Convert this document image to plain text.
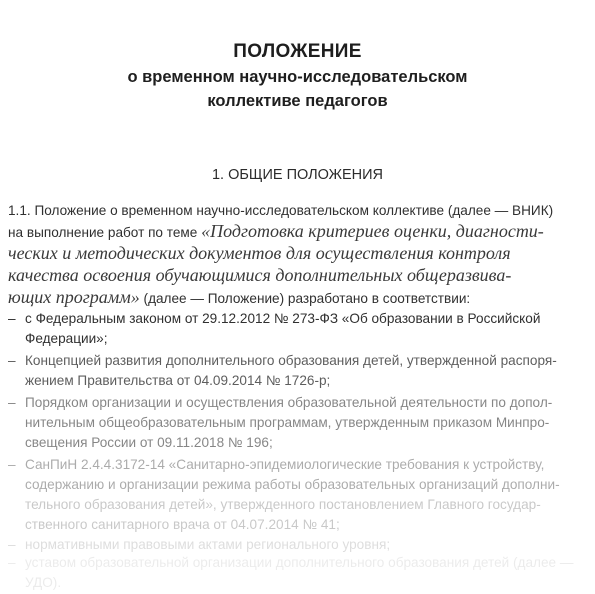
ПОЛОЖЕНИЕ
о временном научно-исследовательском
коллективе педагогов
1. ОБЩИЕ ПОЛОЖЕНИЯ
1.1. Положение о временном научно-исследовательском коллективе (далее — ВНИК)
на выполнение работ по теме «Подготовка критериев оценки, диагности-
ческих и методических документов для осуществления контроля
качества освоения обучающимися дополнительных общеразвива-
ющих программ» (далее — Положение) разработано в соответствии:
– с Федеральным законом от 29.12.2012 № 273-ФЗ «Об образовании в Российской
Федерации»;
– Концепцией развития дополнительного образования детей, утвержденной распоря-
жением Правительства от 04.09.2014 № 1726-р;
– Порядком организации и осуществления образовательной деятельности по допол-
нительным общеобразовательным программам, утвержденным приказом Минпро-
свещения России от 09.11.2018 № 196;
– СанПиН 2.4.4.3172-14 «Санитарно-эпидемиологические требования к устройству,
содержанию и организации режима работы образовательных организаций дополни-
тельного образования детей», утвержденного постановлением Главного государ-
ственного санитарного врача от 04.07.2014 № 41;
– нормативными правовыми актами регионального уровня;
– уставом образовательной организации дополнительного образования детей (далее —
УДО).
